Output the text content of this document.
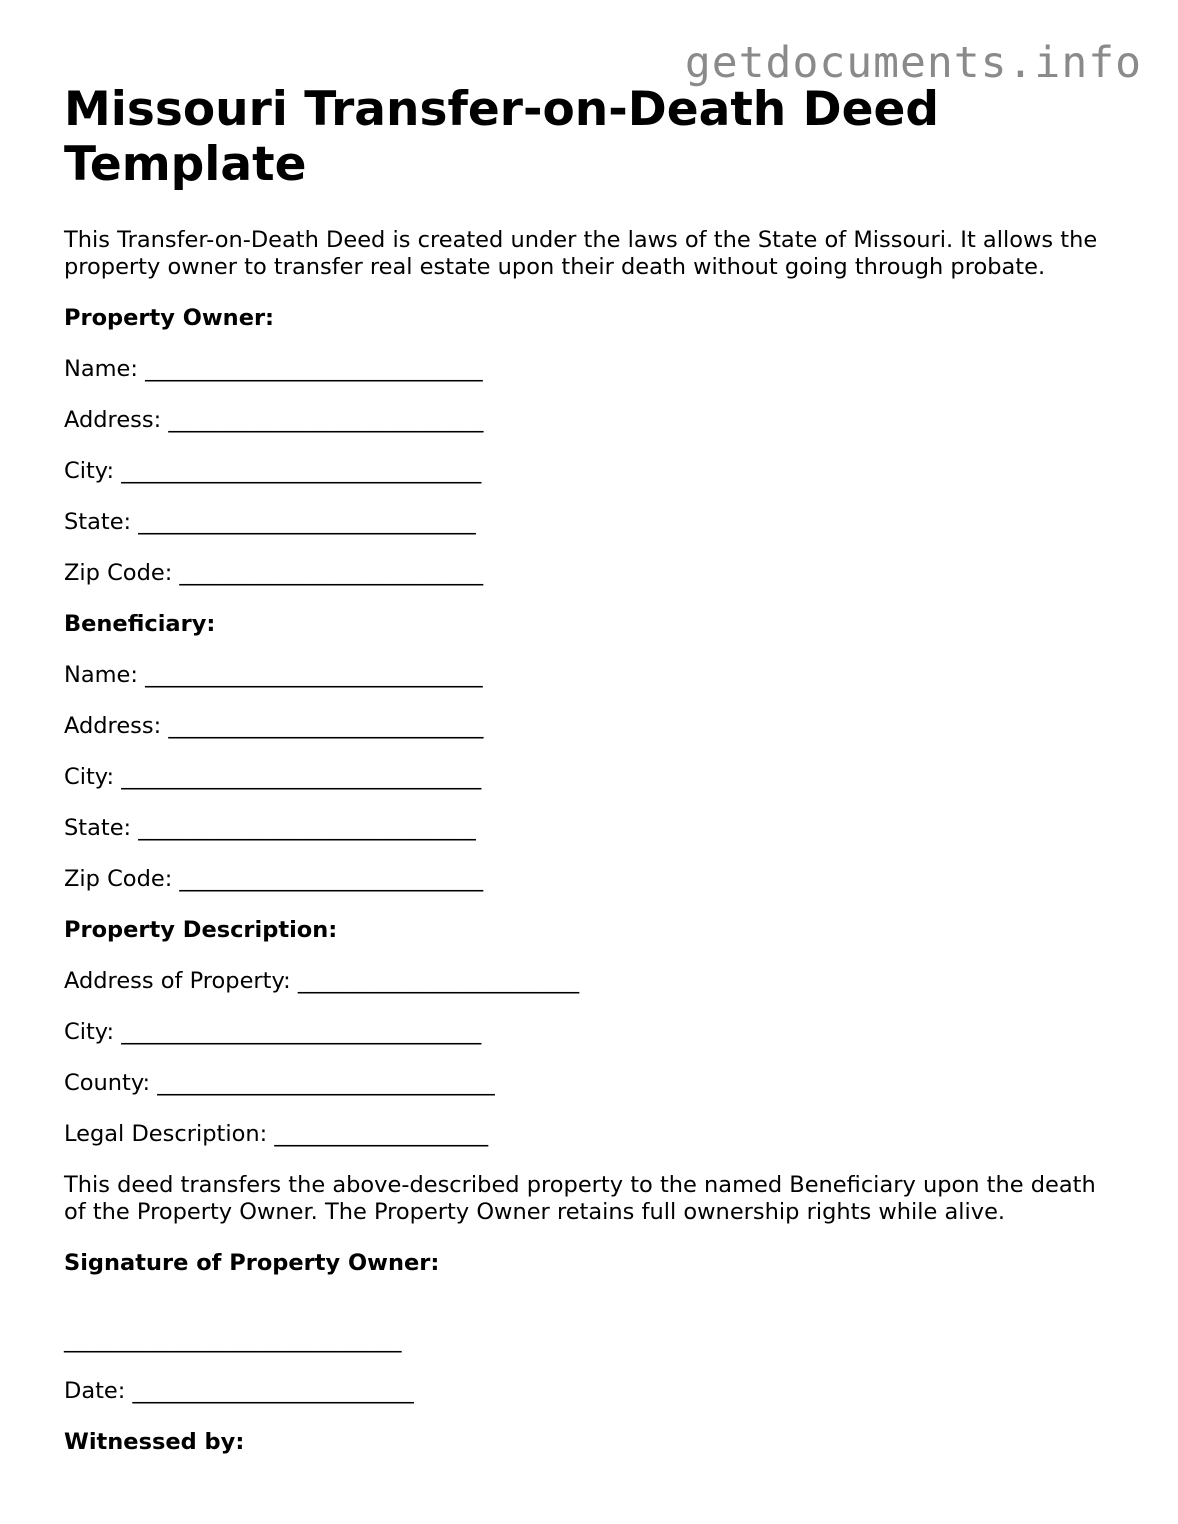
getdocuments.info
Missouri Transfer-on-Death Deed Template

This Transfer-on-Death Deed is created under the laws of the State of Missouri. It allows the property owner to transfer real estate upon their death without going through probate.

Property Owner:

Name: ______________________________

Address: ____________________________

City: ________________________________

State: ______________________________

Zip Code: ___________________________

Beneficiary:

Name: ______________________________

Address: ____________________________

City: ________________________________

State: ______________________________

Zip Code: ___________________________

Property Description:

Address of Property: _________________________

City: ________________________________

County: ______________________________

Legal Description: ___________________

This deed transfers the above-described property to the named Beneficiary upon the death of the Property Owner. The Property Owner retains full ownership rights while alive.

Signature of Property Owner:

______________________________

Date: _________________________

Witnessed by:
